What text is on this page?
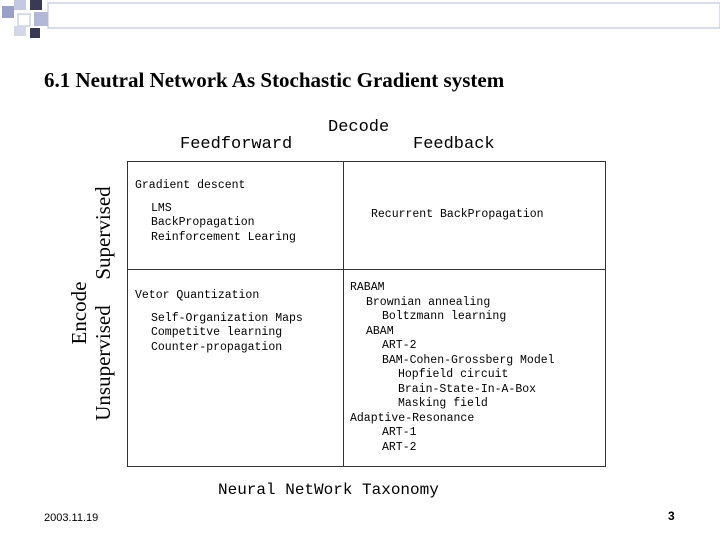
6.1 Neutral Network As Stochastic Gradient system
Decode
Feedforward	Feedback
Encode
Supervised
Unsupervised
Gradient descent
LMS
BackPropagation
Reinforcement Learing
Recurrent BackPropagation
Vetor Quantization
Self-Organization Maps
Competitve learning
Counter-propagation
RABAM
Brownian annealing
Boltzmann learning
ABAM
ART-2
BAM-Cohen-Grossberg Model
Hopfield circuit
Brain-State-In-A-Box
Masking field
Adaptive-Resonance
ART-1
ART-2
Neural NetWork Taxonomy
2003.11.19	3
